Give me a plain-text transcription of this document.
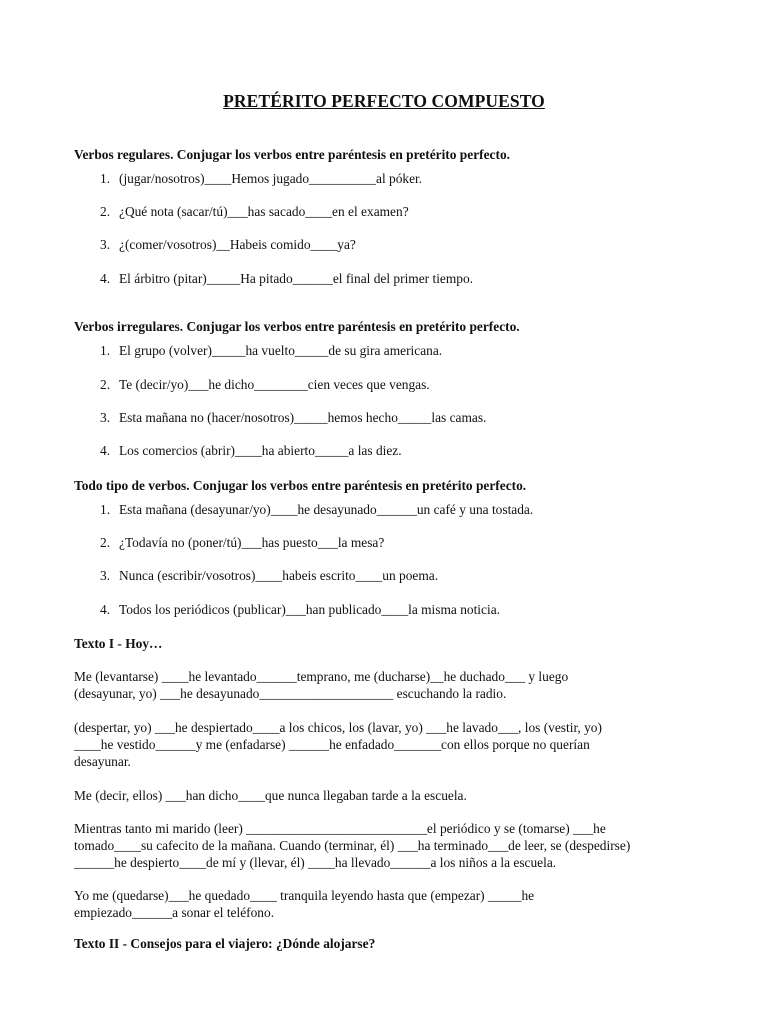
PRETÉRITO PERFECTO COMPUESTO
Verbos regulares. Conjugar los verbos entre paréntesis en pretérito perfecto.
1. (jugar/nosotros)____Hemos jugado__________al póker.
2. ¿Qué nota (sacar/tú)___has sacado____en el examen?
3. ¿(comer/vosotros)__Habeis comido____ya?
4. El árbitro (pitar)_____Ha pitado______el final del primer tiempo.
Verbos irregulares. Conjugar los verbos entre paréntesis en pretérito perfecto.
1. El grupo (volver)_____ha vuelto_____de su gira americana.
2. Te (decir/yo)___he dicho________cien veces que vengas.
3. Esta mañana no (hacer/nosotros)_____hemos hecho_____las camas.
4. Los comercios (abrir)____ha abierto_____a las diez.
Todo tipo de verbos. Conjugar los verbos entre paréntesis en pretérito perfecto.
1. Esta mañana (desayunar/yo)____he desayunado______un café y una tostada.
2. ¿Todavía no (poner/tú)___has puesto___la mesa?
3. Nunca (escribir/vosotros)____habeis escrito____un poema.
4. Todos los periódicos (publicar)___han publicado____la misma noticia.
Texto I - Hoy…
Me (levantarse) ____he levantado______temprano, me (ducharse)__he duchado___ y luego
(desayunar, yo) ___he desayunado____________________ escuchando la radio.
(despertar, yo) ___he despiertado____a los chicos, los (lavar, yo) ___he lavado___, los (vestir, yo)
____he vestido______y me (enfadarse) ______he enfadado_______con ellos porque no querían
desayunar.
Me (decir, ellos) ___han dicho____que nunca llegaban tarde a la escuela.
Mientras tanto mi marido (leer) ___________________________el periódico y se (tomarse) ___he
tomado____su cafecito de la mañana. Cuando (terminar, él) ___ha terminado___de leer, se (despedirse)
______he despierto____de mí y (llevar, él) ____ha llevado______a los niños a la escuela.
Yo me (quedarse)___he quedado____ tranquila leyendo hasta que (empezar) _____he
empiezado______a sonar el teléfono.
Texto II - Consejos para el viajero: ¿Dónde alojarse?
